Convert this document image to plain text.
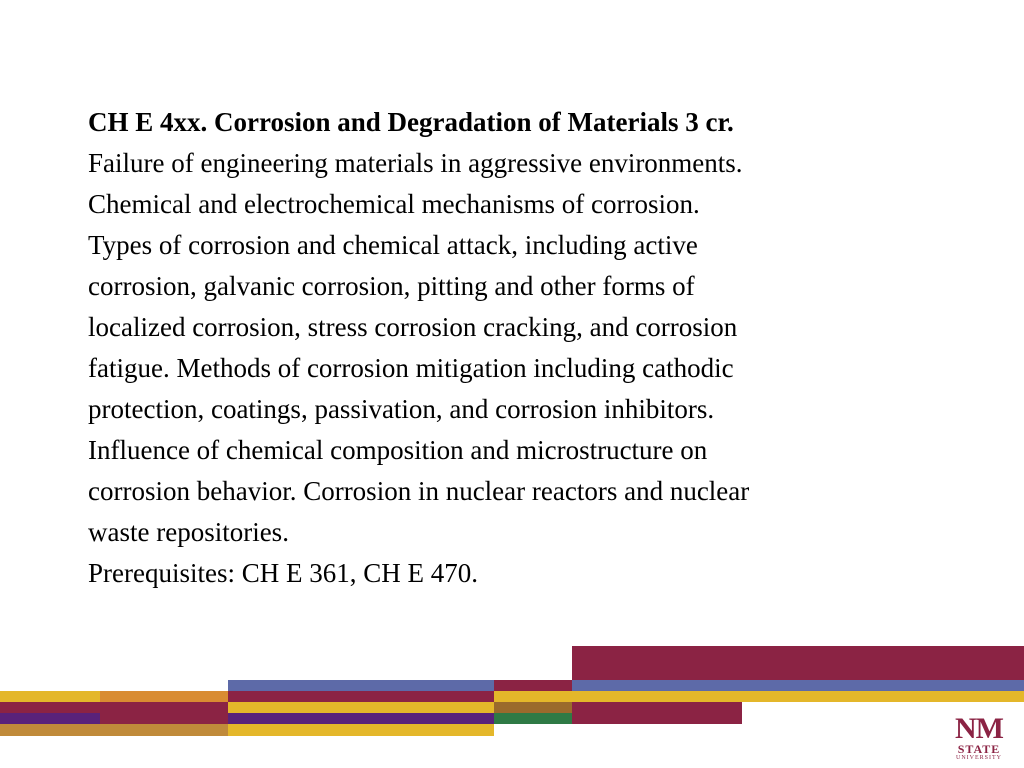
CH E 4xx. Corrosion and Degradation of Materials 3 cr.
Failure of engineering materials in aggressive environments.
Chemical and electrochemical mechanisms of corrosion.
Types of corrosion and chemical attack, including active
corrosion, galvanic corrosion, pitting and other forms of
localized corrosion, stress corrosion cracking, and corrosion
fatigue. Methods of corrosion mitigation including cathodic
protection, coatings, passivation, and corrosion inhibitors.
Influence of chemical composition and microstructure on
corrosion behavior. Corrosion in nuclear reactors and nuclear
waste repositories.
Prerequisites: CH E 361, CH E 470.
NM
STATE
UNIVERSITY
